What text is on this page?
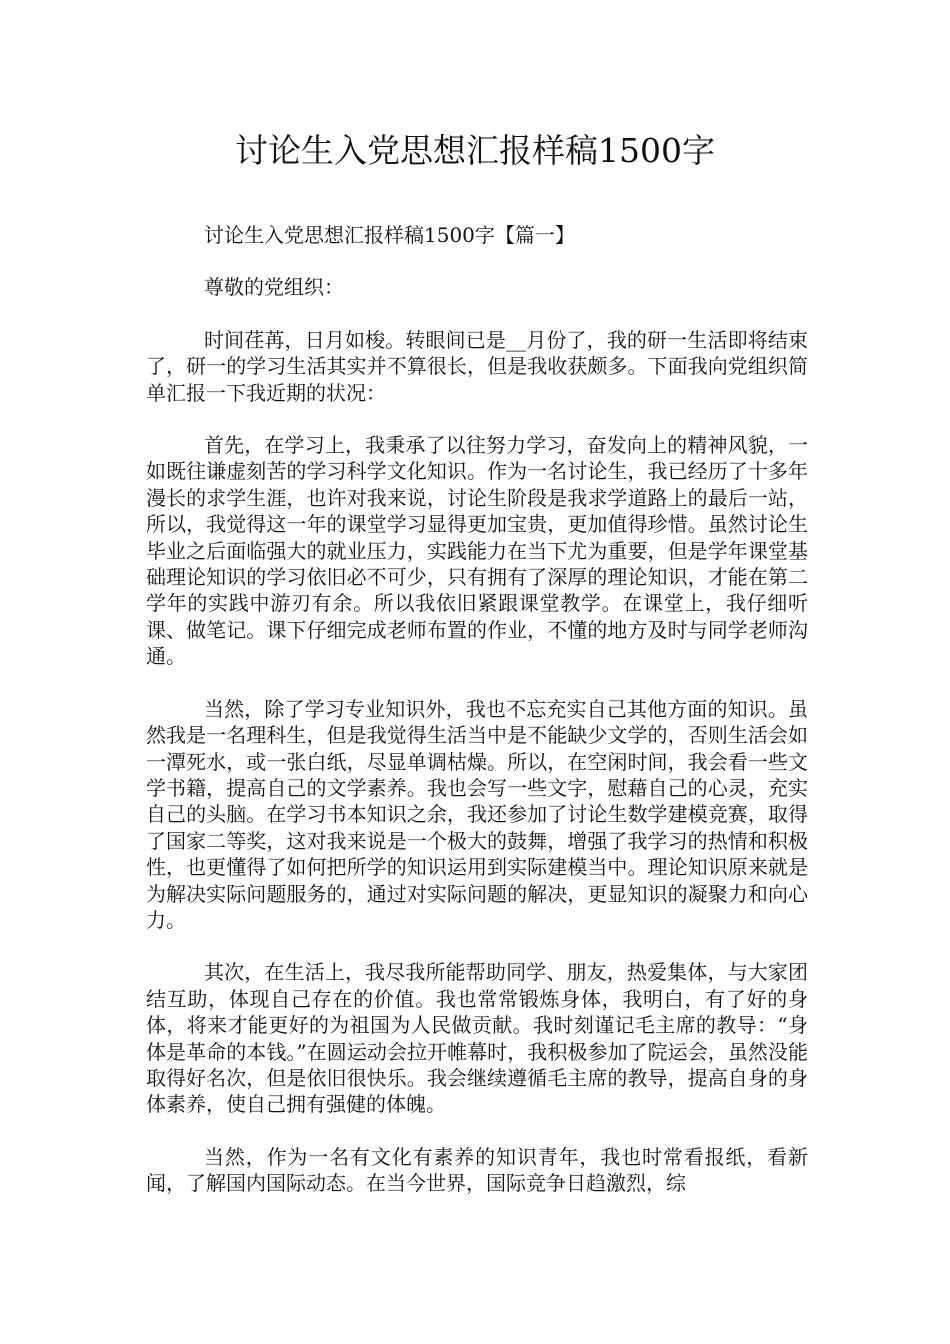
讨论生入党思想汇报样稿1500字

讨论生入党思想汇报样稿1500字【篇一】

尊敬的党组织：

时间荏苒，日月如梭。转眼间已是__月份了，我的研一生活即将结束了，研一的学习生活其实并不算很长，但是我收获颇多。下面我向党组织简单汇报一下我近期的状况：

首先，在学习上，我秉承了以往努力学习，奋发向上的精神风貌，一如既往谦虚刻苦的学习科学文化知识。作为一名讨论生，我已经历了十多年漫长的求学生涯，也许对我来说，讨论生阶段是我求学道路上的最后一站，所以，我觉得这一年的课堂学习显得更加宝贵，更加值得珍惜。虽然讨论生毕业之后面临强大的就业压力，实践能力在当下尤为重要，但是学年课堂基础理论知识的学习依旧必不可少，只有拥有了深厚的理论知识，才能在第二学年的实践中游刃有余。所以我依旧紧跟课堂教学。在课堂上，我仔细听课、做笔记。课下仔细完成老师布置的作业，不懂的地方及时与同学老师沟通。

当然，除了学习专业知识外，我也不忘充实自己其他方面的知识。虽然我是一名理科生，但是我觉得生活当中是不能缺少文学的，否则生活会如一潭死水，或一张白纸，尽显单调枯燥。所以，在空闲时间，我会看一些文学书籍，提高自己的文学素养。我也会写一些文字，慰藉自己的心灵，充实自己的头脑。在学习书本知识之余，我还参加了讨论生数学建模竞赛，取得了国家二等奖，这对我来说是一个极大的鼓舞，增强了我学习的热情和积极性，也更懂得了如何把所学的知识运用到实际建模当中。理论知识原来就是为解决实际问题服务的，通过对实际问题的解决，更显知识的凝聚力和向心力。

其次，在生活上，我尽我所能帮助同学、朋友，热爱集体，与大家团结互助，体现自己存在的价值。我也常常锻炼身体，我明白，有了好的身体，将来才能更好的为祖国为人民做贡献。我时刻谨记毛主席的教导：“身体是革命的本钱。”在圆运动会拉开帷幕时，我积极参加了院运会，虽然没能取得好名次，但是依旧很快乐。我会继续遵循毛主席的教导，提高自身的身体素养，使自己拥有强健的体魄。

当然，作为一名有文化有素养的知识青年，我也时常看报纸，看新闻，了解国内国际动态。在当今世界，国际竞争日趋激烈，综
